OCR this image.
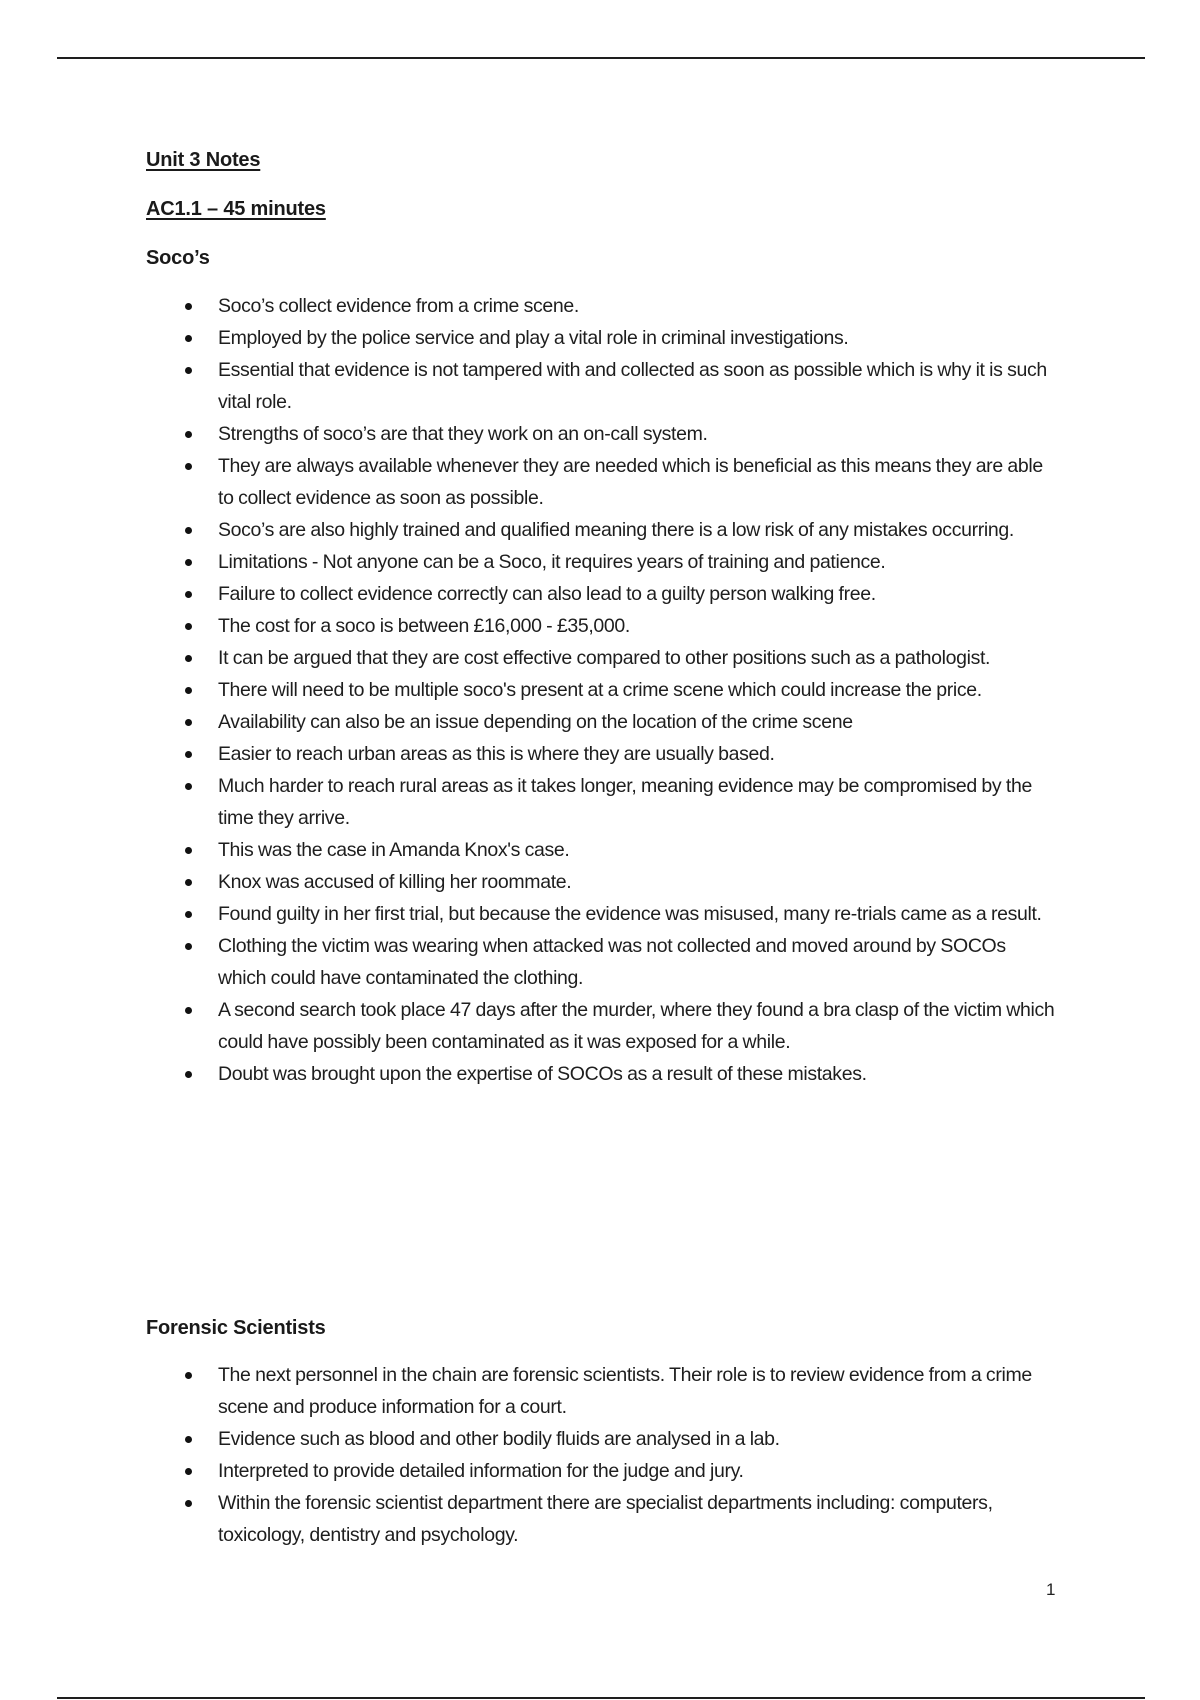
Unit 3 Notes
AC1.1 – 45 minutes
Soco’s
Soco’s collect evidence from a crime scene.
Employed by the police service and play a vital role in criminal investigations.
Essential that evidence is not tampered with and collected as soon as possible which is why it is such vital role.
Strengths of soco’s are that they work on an on-call system.
They are always available whenever they are needed which is beneficial as this means they are able to collect evidence as soon as possible.
Soco’s are also highly trained and qualified meaning there is a low risk of any mistakes occurring.
Limitations - Not anyone can be a Soco, it requires years of training and patience.
Failure to collect evidence correctly can also lead to a guilty person walking free.
The cost for a soco is between £16,000 - £35,000.
It can be argued that they are cost effective compared to other positions such as a pathologist.
There will need to be multiple soco's present at a crime scene which could increase the price.
Availability can also be an issue depending on the location of the crime scene
Easier to reach urban areas as this is where they are usually based.
Much harder to reach rural areas as it takes longer, meaning evidence may be compromised by the time they arrive.
This was the case in Amanda Knox's case.
Knox was accused of killing her roommate.
Found guilty in her first trial, but because the evidence was misused, many re-trials came as a result.
Clothing the victim was wearing when attacked was not collected and moved around by SOCOs which could have contaminated the clothing.
A second search took place 47 days after the murder, where they found a bra clasp of the victim which could have possibly been contaminated as it was exposed for a while.
Doubt was brought upon the expertise of SOCOs as a result of these mistakes.
Forensic Scientists
The next personnel in the chain are forensic scientists. Their role is to review evidence from a crime scene and produce information for a court.
Evidence such as blood and other bodily fluids are analysed in a lab.
Interpreted to provide detailed information for the judge and jury.
Within the forensic scientist department there are specialist departments including: computers, toxicology, dentistry and psychology.
1
